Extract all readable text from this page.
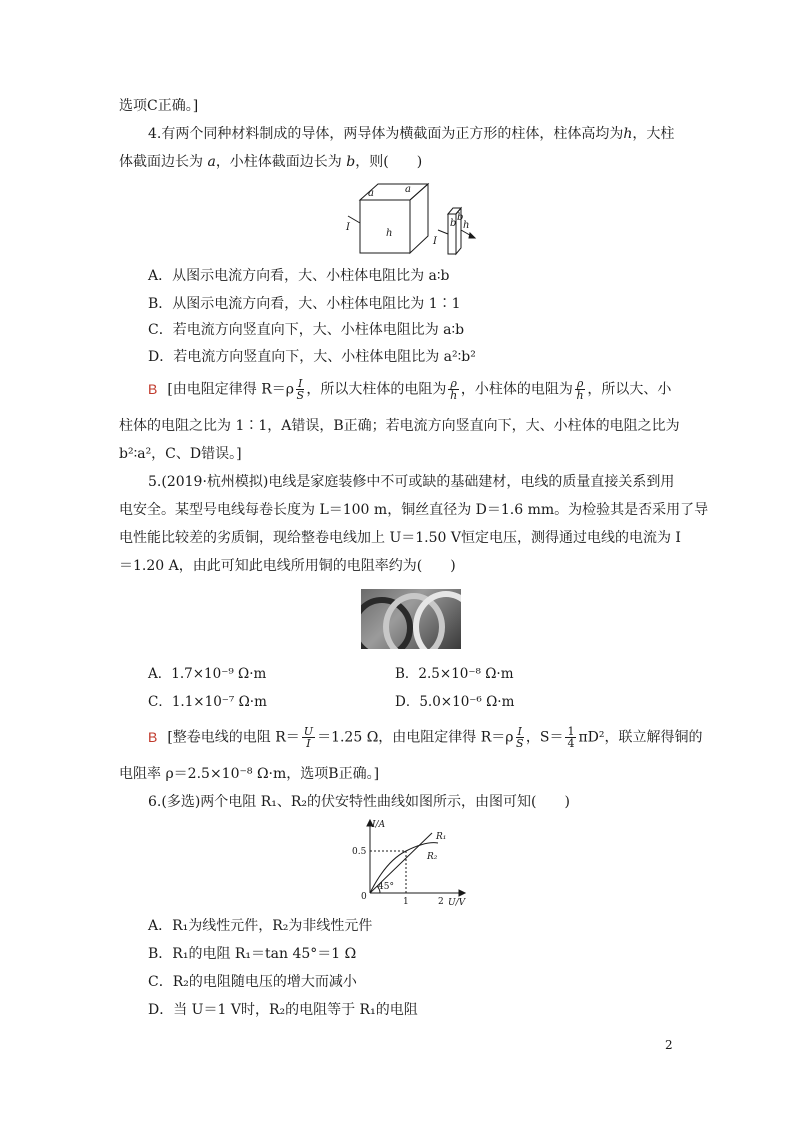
选项C正确。]
4.有两个同种材料制成的导体，两导体为横截面为正方形的柱体，柱体高均为h，大柱
体截面边长为 a，小柱体截面边长为 b，则(　　)
a	a
h
I
I
b
b
h
A．从图示电流方向看，大、小柱体电阻比为 a∶b
B．从图示电流方向看，大、小柱体电阻比为 1∶1
C．若电流方向竖直向下，大、小柱体电阻比为 a∶b
D．若电流方向竖直向下，大、小柱体电阻比为 a²∶b²
B [由电阻定律得 $R=\rho \frac{I}{S}$ ，所以大柱体的电阻为 $\frac{\rho}{h}$ ，小柱体的电阻为 $\frac{\rho}{h}$ ，所以大、小
柱体的电阻之比为 1∶1，A错误，B正确；若电流方向竖直向下，大、小柱体的电阻之比为
b²∶a²，C、D错误。]
5.(2019·杭州模拟)电线是家庭装修中不可或缺的基础建材，电线的质量直接关系到用
电安全。某型号电线每卷长度为 L＝100 m，铜丝直径为 D＝1.6 mm。为检验其是否采用了导
电性能比较差的劣质铜，现给整卷电线加上 U＝1.50 V恒定电压，测得通过电线的电流为 I
＝1.20 A，由此可知此电线所用铜的电阻率约为(　　)
A．1.7×10⁻⁹ Ω·m	B．2.5×10⁻⁸ Ω·m
C．1.1×10⁻⁷ Ω·m	D．5.0×10⁻⁶ Ω·m
B [整卷电线的电阻 $R= \frac{U}{I} =1.25$ Ω，由电阻定律得 $R=\rho \frac{I}{S}$ ，$S= \frac{1}{4} \pi D^2$，联立解得铜的
电阻率 ρ＝2.5×10⁻⁸ Ω·m，选项B正确。]
6.(多选)两个电阻 R₁、R₂的伏安特性曲线如图所示，由图可知(　　)
I/A
U/V
0.5
1	2
0
45°
R₁
R₂
A．R₁为线性元件，R₂为非线性元件
B．R₁的电阻 R₁＝tan 45°＝1 Ω
C．R₂的电阻随电压的增大而减小
D．当 U＝1 V时，R₂的电阻等于 R₁的电阻
2
